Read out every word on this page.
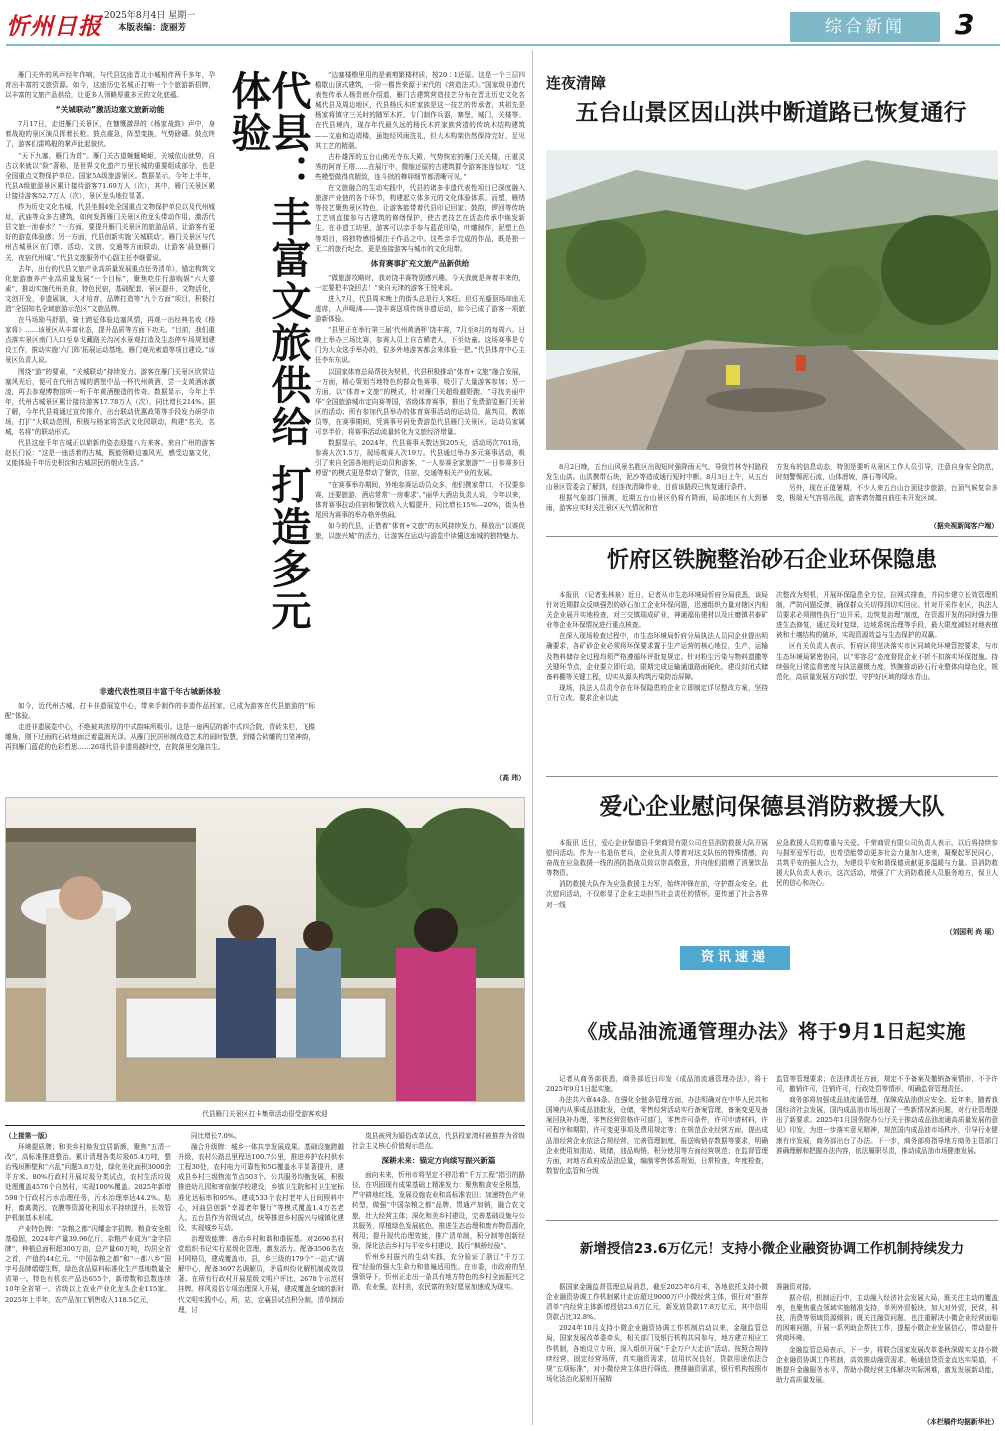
忻州日报 2025年8月4日 星期一
本版表编：庞丽芳	综合新闻	3

雁门关外的风声经年作响，与代县这座晋北小城相伴两千多年，孕育出丰富的文旅资源。如今，这座历史名城正打响一个个旅游新招牌，以丰富的文旅产品供给，让更多人领略厚重多元的文化底蕴。

“关城联动”激活边塞文旅新动能

7月17日，走进雁门关景区，在慷慨激昂的《杨家战鼓》声中，身着战袍的景区演员挥着长枪。鼓点震急，阵型变换，气势磅礴。鼓点终了，游客们雷鸣般的掌声此起彼伏。

“天下九塞，雁门为首”。雁门关古道蜿蜒崎岖，关城依山就势，自古以来就以“险”著称，是世界文化遗产万里长城的重要组成部分，也是全国重点文物保护单位、国家5A级旅游景区。数据显示，今年上半年，代县A级旅游景区累计接待游客71.69万人（次），其中，雁门关景区累计接待游客52.7万人（次），景区龙头地位显著。

作为历史文化名城，代县坐拥4处全国重点文物保护单位以及代州城址，武庙等众多古建筑，如何发挥雁门关景区的龙头带动作用，激活代县文旅一池春水？“一方面，要提升雁门关景区的旅游品质，让游客有更好的游览体验感；另一方面，代县创新实施‘关城联动’，雁门关景区与代州古城景区在门票、活动、文创、交通等方面联动，让游客‘晨登雁门关，夜宿代州城’。”代县文旅服务中心副主任李继蕾说。

去年，出台的代县文旅产业高质量发展重点任务清单》，锚定构筑文化旅游康养产业高质量发展“一个目标”，聚焦吃住行游购娱“六大要素”，推动实施代州美食，特色民宿，基础配套，景区提升，文物活化，文创开发，非遗展演，人才培育，品牌打造等“九个方面”项目，积极打造“全国知名全域旅游示范区”文旅品牌。

在马场励马舒箭，骑士跨征体验边塞风情，再观一出经典名戏《杨家将》……该景区从丰富业态，提升品质等方面下功夫。“目前，我们重点落实景区南门入口至阜戈藏路关沟河水景观打造及生态停车场规划建设工作，推动实施‘六门阵’拓展运动基地，雁门观光索道等项目建设。”该景区负责人说。

围绕“游”的要素，“关城联动”持续发力。游客在雁门关景区欣赏边塞风光后，便可在代州古城的洒堡中品一杯代州黄酒，尝一支黄酒冰激凌，再去参观博物馆听一听千年黄酒酿造的传奇。数据显示，今年上半年，代州古城景区累计接待游客17.78万人（次），同比增长214%。据了解，今年代县将通过宣传推介，出台联动优惠政策等手段发力研学市场，打扩“大联动范围，积极与杨家将苦武文化园联动，构建“名关，名城，名将”的联动形式。

代县这座千年古城正以崭新的姿态迎接八方来客。来自广州的游客赵长门说：“这是一座活着的古城，既能领略边塞风光，感受边塞文化，又能体验千年历史积淀和古城居民的烟火生活。”

非遗代表性项目丰富千年古城新体验

如今，近代州古城，打卡非遗展览中心，带来手制作的非遗作品回家，已成为游客在代县旅游的“标配”体验。

走进非遗展览中心，不绝被其浓厚的中式韵味所吸引。这是一座两层的新中式四合院，青砖朱栏，飞檐雕角，刚下过雨的石砖地面泛着温润光泽。从雁门民居形制改造艺术的闹时智慧，到镂合砖雕的刀笔神韵，再到雁门蓝花的色彩哲思……26项代县非遗将越时空，在院落里交融共生。

代县：丰富文旅供给 打造多元体验	“边塞楼橹里用的是刺剪繁楼材质，按20∶1还原。这是一个三层四檐歇山顶式建筑，一阶一檐皆来源于宋代的《营造法式》。”国家级非遗代表性传承人杨贵庭介绍道，雁门古建筑营造技艺分布在晋北历史文化名城代县及周边地区，代县杨氏木匠家族是这一技艺的传承者，其祖先是杨家将镇守三关时的随军木匠，专门制作兵器，寨堡，城门，关楼等。在代县境内，现存年代最久远的杨氏木匠家族营造的传统木结构建筑——文庙和边靖楼，虽饱经风雨洗礼，但大木构架仍然保持完好，足见其工艺的精湛。

古朴雄浑的五台山佛光寺东大殿、气势恢宏的雁门关关楼，庄重灵秀的阿育王塔……在展厅中，微缩还原的古建筑群令游客连连惊叹：“这些模型做得真精致，连斗拱的榫卯细节都清晰可见。”

在文旅融合的生动实践中，代县的诸多非遗代表性项目已深度融入旅游产业链的各个环节，构建起立体多元的文化体验体系。而塑，雁绣等技艺聚焦景区特色，让游客能带着代县印记回家；鼓韵，锣回等传统工艺则直接参与古建筑的修缮保护，使古老技艺在活态传承中焕发新生。在非遗工坊里，游客可以亲手参与蓝花印染，叶雕制作，泥塑上色等项目，将独特感悟倾注于作品之中。这些亲手完成的作品，既是独一无二的旅行纪念，更是连接游客与城市的文化纽带。

体育赛事扩充文旅产品新供给

“做旅游攻略时，我对饶丰赛特别感兴趣。今天我就是奔着丰来的，一定要把丰饶回去！”来自天津的游客王悦来说。

进入7月，代县周末晚上的街头总是行人客旺。但灯光蹙顶场却座无虚席，人声喝沸——饶丰赛送项传统非遗运动，如今已成了游客一项旅游新体验。

“县里正在举行第三届‘代州黄酒杯’饶丰赛，7月至8月的每周六、日晚上举办三场比赛，参赛人员上自古稀老人，下至幼童。这场赛事是专门为大众选手举办的，很多外地游客都会来体验一把。”代县体育中心主任李东东说。

以国家体育总局帮扶为契机，代县积极推动“体育+文旅”融合发展，一方面，精心策划当地特色的群众性赛事，吸引了大量游客参加；另一方面，以“体育+文旅”的模式，针对雁门关超级越野跑、“寻找美丽中华”全国旅游城市定向赛等国，省级体育赛事，推出了免费游览雁门关景区的活动；所有参加代县举办的体育赛事活动的运动员，裁判员，教练员等，在赛事期间，凭赛事号码免费游览代县雁门关景区，运动员家属可享半价，将赛事活动流量转化为文旅经济增量。

数据显示，2024年，代县赛事天数达到205天，活动场次761场，参赛人次1.5万，现场观赛人次19万。代县通过举办多元赛事活动，吸引了来自全国各地的运动员和游客，“一人参赛全家旅游”“一日参赛多日停留”的模式更是带动了餐饮，住宿，交通等相关产业的发展。

“在赛事举办期间，外地参赛运动员众多，他们携家带口，不仅要参赛，还要旅游，酒店常常‘一房难求’。”丽华大酒店负责人说，今年以来，体育赛事拉动住宿和餐饮收入大幅提升，同比增长15%—20%，街头巷尾因为赛事的举办格外热闹。

如今的代县，正借着“体育+文旅”的东风持续发力，释放出“以赛促旅，以旅兴城”的活力，让游客在运动与游览中读懂这座城的独特魅力。

（高 玮）
代县雁门关景区打卡集章活动很受游客欢迎

（上接第一版）

环境提质牌；和美乡村焕发宜居新颜，聚焦“五清一改”，高标准推进整治。累计清理各类垃圾65.4万吨，整治残垣断壁和“六乱”问题3.8万处，绿化美化面积3000余平方米。80%行政村开展垃圾分类试点，农村生活垃圾处理覆盖4576个自然村，实现100%覆盖。2025年新增598个行政村污水治理任务，污水治理率达44.2%。粘籽，畜禽粪污，农膜等资源化利用水平持续提升，长效管护机制基本形成。

产业特色牌：“杂粮之都”闪耀金字招牌。粮食安全根基稳固，2024年产量39.96亿斤，杂粮产业成为“金字招牌”，种植总面积超300万亩，总产量60万吨，均居全省之首，产值约44亿元。“中国杂粮之都”和“一都八乡”国字号品牌熠熠生辉，绿色食品原料标准化生产基地数量全省第一。特色有机农产品达655个，新增数和总数连续10年全省第一。省级以上农业产业化龙头企业115家。2025年上半年，农产品加工销售收入118.5亿元，

同比增长7.0%。

融合升级牌：城乡一体共享发展成果。基础设施跨越升级，农村公路总里程达100.7公里，推进养护农村供水工程30处，农村电力可靠性和5G覆盖水平显著提升，建成县乡村三级物流节点503个。公共服务均衡发展，积极推进幼儿园和寄宿制学校建设，乡镇卫生院和村卫生室标准化达标率和95%。建成533个农村老年人日间照料中心，河曲县创新“幸福老年餐厅”等模式覆盖1.4万名老人。五台县作为省级试点，统筹推进乡村振兴与城镇化建设，实现城乡互动。

治理效能牌：善治乡村和谐和谐振基。对2696名村党组织书记实行星级化管理，激发活力。配备3506名农村网格员，建成覆盖市，县，乡三级的179个“一站式”调解中心，配备3697名调解员，矛盾纠纷化解机制成效显著。在所有行政村开展星级文明户评比，2678个示范村挂牌。移风易俗专项治理深入开展，建成覆盖全域的新时代文明实践中心，所，站，定襄县试点积分制，清单制治理，讨

岚县被列为婚俗改革试点，代县段家湾村被推荐为省级社会主义核心价值观示范点。

深耕未来：锚定方向续写振兴新篇

面向未来，忻州市将坚定不移沿着“千万工程”指引的路径，在巩固现有成果基础上精准发力：聚焦粮食安全根基，严守耕地红线，发展设施农业和高标准农田；加速特色产业转型，做强“中国杂粮之都”品牌，贯通产加销，融合农文旅，壮大经营主体；深化和美乡村建设，完善基础设施与公共服务，厚植绿色发展底色，推进生态治理和废弃物资源化利用；提升现代治理效能，推广清单制，积分制等创新经验，深化法治乡村与平安乡村建设，践行“枫桥经验”。

忻州乡村振兴的生动实践，充分验证了浙江“千万工程”经验的强大生命力和普遍适用性。在市委，市政府的坚强领导下，忻州正走出一条具有地方特色的乡村全面振兴之路，农业强，农村美，农民富的美好愿景加速成为现实。

连夜清障
五台山景区因山洪中断道路已恢复通行

8月2日晚，五台山风景名胜区出现短时强降雨天气，导致竹林寺村路段发生山洪。山洪携带石块，泥沙等造成通行短时中断。8月3日上午，从五台山景区管委会了解到，经连夜清障作业，目前该路段已恢复通行条件。

根据气象部门预测，近期五台山景区仍将有降雨，局部地区有大到暴雨，游客应实时关注景区天气情况和官

方发布的信息动态，特别是要听从景区工作人员引导，注意自身安全防范，时刻警惕泥石流，山体滑坡，落石等风险。

另外，现在正值暑期，不少人来五台山台顶徒步旅游，台顶气候复杂多变，极端天气容易出现，游客请勿擅自前往未开发区域。

（据央视新闻客户端）
忻府区铁腕整治砂石企业环保隐患

本报讯 （记者张林泉）近日，记者从市生态环境局忻府分局获悉，该局针对近期群众反映强烈的砂石加工企业环保问题，迅速组织力量对辖区内相关企业展开实地检查，对三交镇瑞成矿业，神通福佑建材以及庄磨镇君泰矿业等企业环保情况进行重点核查。

在深入现场检查过程中，市生态环境局忻府分局执法人员同企业提出明确要求，各矿砂企业必须将环保要求置于生产运营的核心地位，生产，运输及物料储存全过程均须严格遵循环评批复规定。针对粉尘污染与物料遗撒等关键环节点，企业要立即行动，限期完成运输通道路面硬化，建设封闭式储备料棚等关键工程，切实从源头构筑污染防治屏障。

现场，执法人员责令存在环保隐患的企业立即制定详尽整改方案，坚持立行立改。要求企业以此

次整改为契机，开展环保隐患全方位，拉网式排查，并同步建立长效管理机制，严防问题反弹，确保群众关切得到切实回应。针对开采作业区，执法人员要求必须刚性执行“边开采，边恢复治理”制度，在资源开发的同时强力推进生态修复，通过及时复绿，边坡系统治理等手段，最大限度减轻对地表植被和土壤结构的破坏，实现资源效益与生态保护的双赢。

区有关负责人表示，忻府区将坚决落实市区同域化环境管控要求，与市生态环境局紧密协同，以“零容忍”态度督促企业不折不扣落实环保措施。持续强化日常监督密度与执法震慑力度，铁腕推动砂石行业整体向绿色化，规范化，高质量发展方向转型，守护好区域的绿水青山。

爱心企业慰问保德县消防救援大队

本报讯 近日，爱心企业保德县千荣商贸有限公司在县消防救援大队开展慰问活动。作为一名退伍老兵，企业负责人带着对这支队伍的特殊情感，向奋战在应急救援一线的消防指战员致以崇高敬意，并向他们捐赠了消暑饮品等物资。

消防救援大队作为应急救援主力军，始终冲锋在前，守护群众安全。此次慰问活动，不仅彰显了企业主动担当社会责任的情怀，更传递了社会各界对一线

应急救援人员的尊重与关爱。千荣商贸有限公司负责人表示，以后将持续参与拥军爱军行动，也希望能带动更多社会力量加入进来，凝聚起军民同心，共筑平安的强大合力，为建设平安和谐保德贡献更多温暖与力量。县消防救援大队负责人表示，这次活动，增强了广大消防救援人员服务地方，保卫人民的信心和决心。

（刘国利 尚 瑶）
资讯速递
《成品油流通管理办法》将于9月1日起实施

记者从商务部获悉，商务部近日印发《成品油流通管理办法》，将于2025年9月1日起实施。

办法共六章44条。在强化全链条管理方面，办法明确对在中华人民共和国境内从事成品油批发，仓储，零售经营活动实行备案管理，备案变更及备案回执补办理，零售经营资格许可部门，零售许可条件，许可申请材料，许可程序和期限，许可变更事项及费用规定等；在规范企业经营方面，提出成品油经营企业依法合规经营，完善管理制度，报送购销存数据等要求，明确企业使用加油站，吸储，油品购销，积分使用等方面经营规范；在监督管理方面，对地方政府成品油总量，编制零售体系规划，日常检查，年度检查，数智化监管和分级

监管等管理要求；在法律责任方面，规定不予备案及撤销备案情形，不予许可，撤销许可，注销许可，行政处罚等情形，明确监督管理责任。

商务部将加强成品油流通管理，保障成品油供应安全。近年来，随着我国经济社会发展，国内成品油市场出现了一些新情况新问题，对行业管理提出了新要求。2025年1月国务院办公厅关于推动成品油流通高质量发展的意见》印发，为进一步落实意见精神，规范国内成品油市场秩序，引导行业健康有序发展，商务部出台了办法。下一步，商务部将指导地方商务主管部门准确理解和把握办法内容，依法履职尽责，推动成品油市场健康发展。

新增授信23.6万亿元！支持小微企业融资协调工作机制持续发力

据国家金融监督管理总局消息，截至2025年6月末，各地依托支持小微企业融资协调工作机制累计走访超过9000万户小微经营主体，银行对“推荐清单”内经营主体新增授信23.6万亿元，新发放贷款17.8万亿元，其中信用贷款占比32.8%。

2024年10月支持小微企业融资协调工作机制启动以来，金融监管总局，国家发展改革委牵头，相关部门及银行机构共同参与，地方建立相应工作机制，各地设立专班，深入组织开展“千企万户大走访”活动。按照合规持续经营，固定经营场所，真实融资需求，信用状况良好，贷款用途依法合规“五项标准”，对小微经营主体进行筛选，摸排融资需求，银行机构按照市场化法治化原则开展精

准融资对接。

据介绍，机制运行中，主动融入经济社会发展大局，既关注主动的覆盖率，也聚焦重点领域实施精准支持，单列外贸板块，加大对外贸，民营，科技，消费等领域资源倾斜；既关注融资问题，也注重解决小微企业经营面临的困难问题，开展一系列助企帮扶工作，提振小微企业发展信心，带动提升营商环境。

金融监管总局表示，下一步，将联合国家发展改革委秋深做实支持小微企业融资协调工作机制，高效推动融资需求，畅通信贷资金直达实渠道，不断提升金融服务水平，帮助小微经营主体解决实际困难，激发发展新动能，助力高质量发展。

（本栏稿件均据新华社）
